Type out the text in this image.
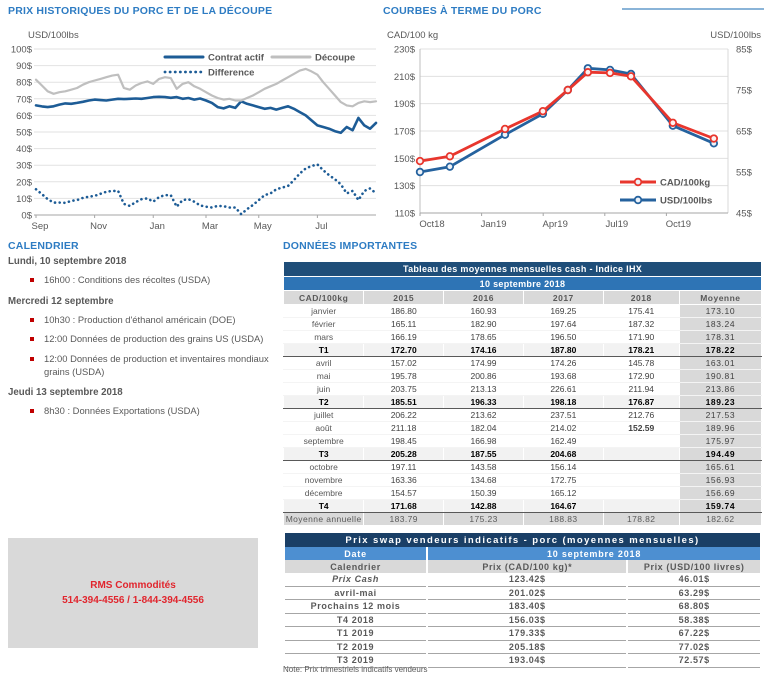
PRIX HISTORIQUES DU PORC ET DE LA DÉCOUPE	COURBES À TERME DU PORC
USD/100lbs
0$
10$
20$
30$
40$
50$
60$
70$
80$
90$
100$
Sep	Nov	Jan	Mar	May	Jul
Contrat actif	Découpe
Difference
CAD/100 kg	USD/100lbs
110$
130$
150$
170$
190$
210$
230$
45$
55$
65$
75$
85$
Oct18	Jan19	Apr19	Jul19	Oct19
CAD/100kg
USD/100lbs
CALENDRIER	DONNÉES IMPORTANTES
Lundi, 10 septembre 2018
16h00 : Conditions des récoltes (USDA)
Mercredi 12 septembre
10h30 : Production d'éthanol américain (DOE)
12:00 Données de production des grains US (USDA)
12:00 Données de production et inventaires mondiaux grains (USDA)
Jeudi 13 septembre 2018
8h30 : Données Exportations (USDA)
Tableau des moyennes mensuelles cash - Indice IHX					
10 septembre 2018					
CAD/100kg	2015	2016	2017	2018	Moyenne
janvier	186.80	160.93	169.25	175.41	173.10
février	165.11	182.90	197.64	187.32	183.24
mars	166.19	178.65	196.50	171.90	178.31
T1	172.70	174.16	187.80	178.21	178.22
avril	157.02	174.99	174.26	145.78	163.01
mai	195.78	200.86	193.68	172.90	190.81
juin	203.75	213.13	226.61	211.94	213.86
T2	185.51	196.33	198.18	176.87	189.23
juillet	206.22	213.62	237.51	212.76	217.53
août	211.18	182.04	214.02	152.59	189.96
septembre	198.45	166.98	162.49		175.97
T3	205.28	187.55	204.68		194.49
octobre	197.11	143.58	156.14		165.61
novembre	163.36	134.68	172.75		156.93
décembre	154.57	150.39	165.12		156.69
T4	171.68	142.88	164.67		159.74
Moyenne annuelle	183.79	175.23	188.83	178.82	182.62
RMS Commodités
514-394-4556 / 1-844-394-4556
Prix swap vendeurs indicatifs - porc (moyennes mensuelles)		
Date	10 septembre 2018	
Calendrier	Prix (CAD/100 kg)*	Prix (USD/100 livres)
Prix Cash	123.42$	46.01$
avril-mai	201.02$	63.29$
Prochains 12 mois	183.40$	68.80$
T4 2018	156.03$	58.38$
T1 2019	179.33$	67.22$
T2 2019	205.18$	77.02$
T3 2019	193.04$	72.57$
Note: Prix trimestriels indicatifs vendeurs
